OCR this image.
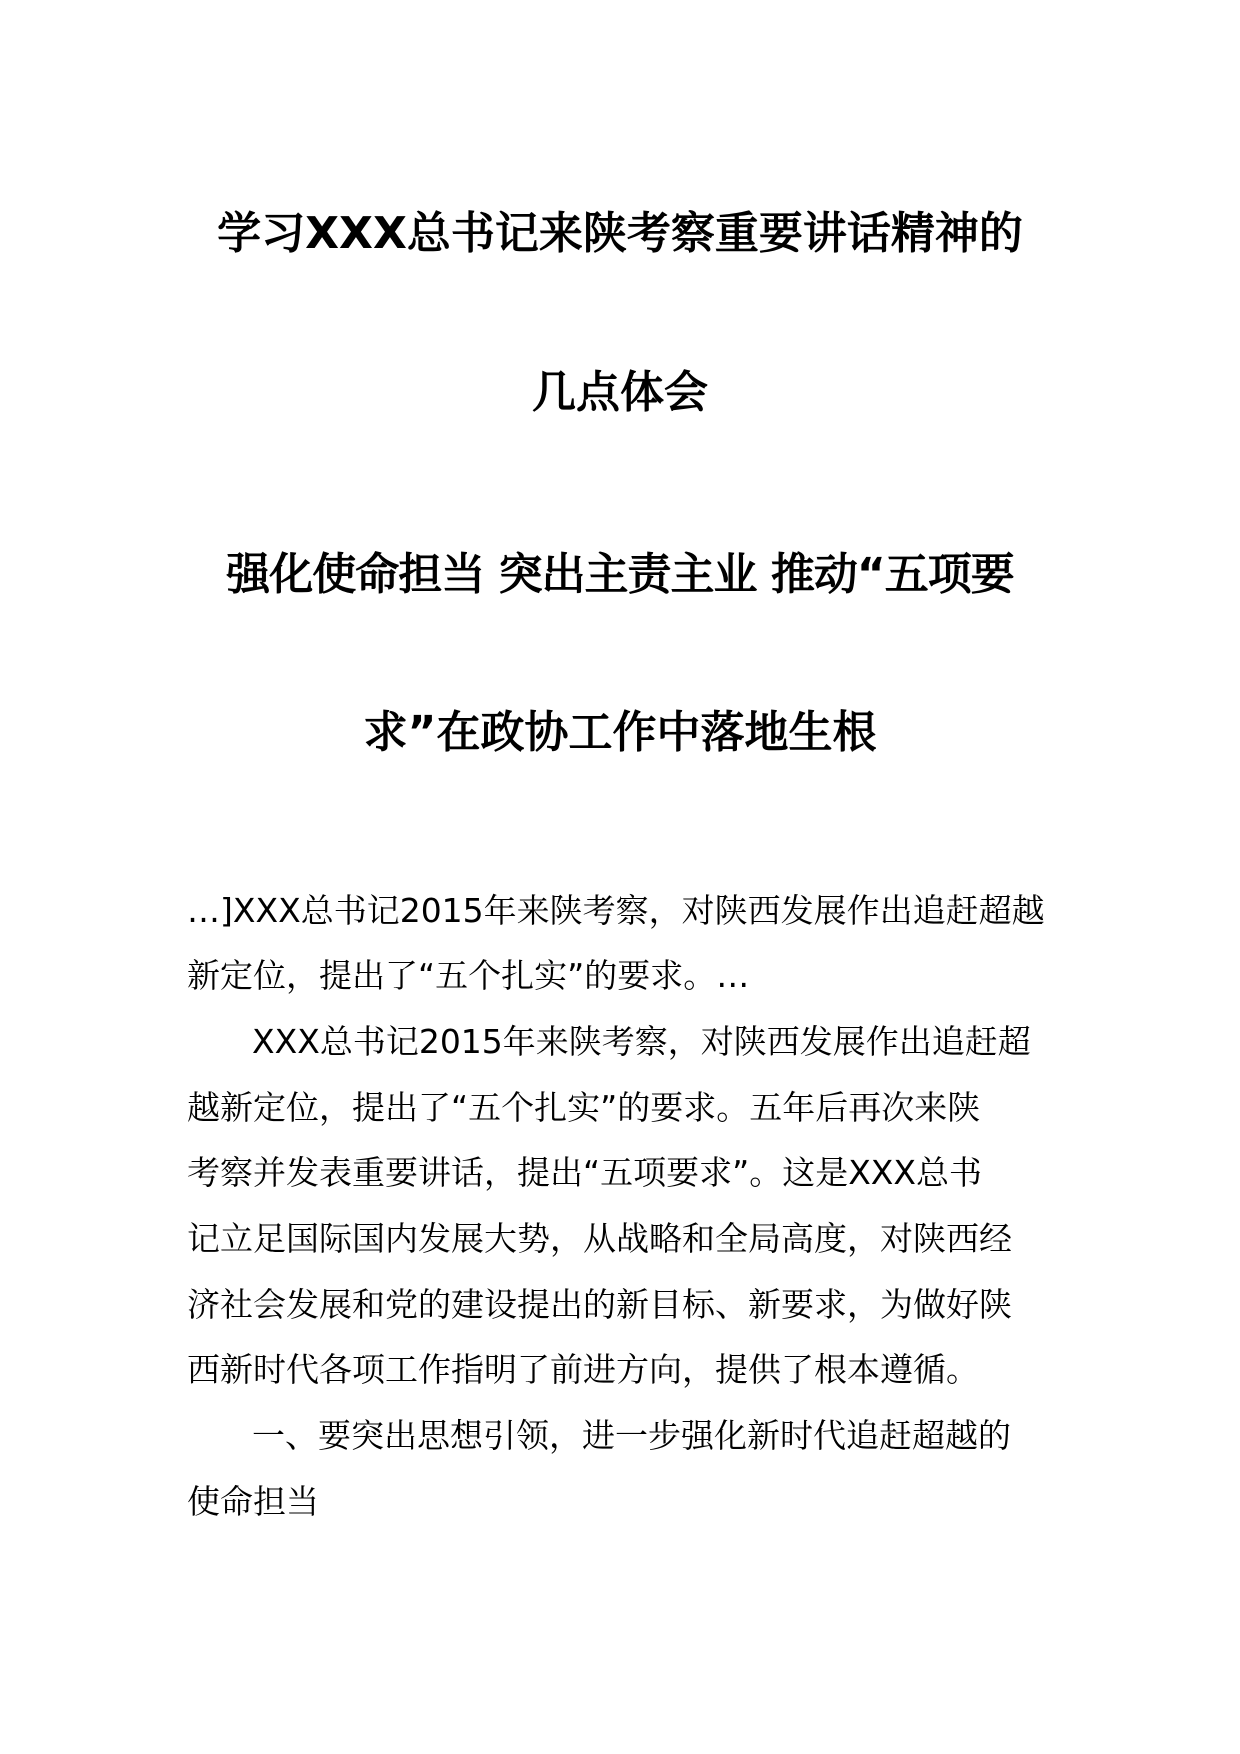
学习XXX总书记来陕考察重要讲话精神的
几点体会
强化使命担当 突出主责主业 推动“五项要
求”在政协工作中落地生根
…]XXX总书记2015年来陕考察，对陕西发展作出追赶超越
新定位，提出了“五个扎实”的要求。…
XXX总书记2015年来陕考察，对陕西发展作出追赶超
越新定位，提出了“五个扎实”的要求。五年后再次来陕
考察并发表重要讲话，提出“五项要求”。这是XXX总书
记立足国际国内发展大势，从战略和全局高度，对陕西经
济社会发展和党的建设提出的新目标、新要求，为做好陕
西新时代各项工作指明了前进方向，提供了根本遵循。
一、要突出思想引领，进一步强化新时代追赶超越的
使命担当
